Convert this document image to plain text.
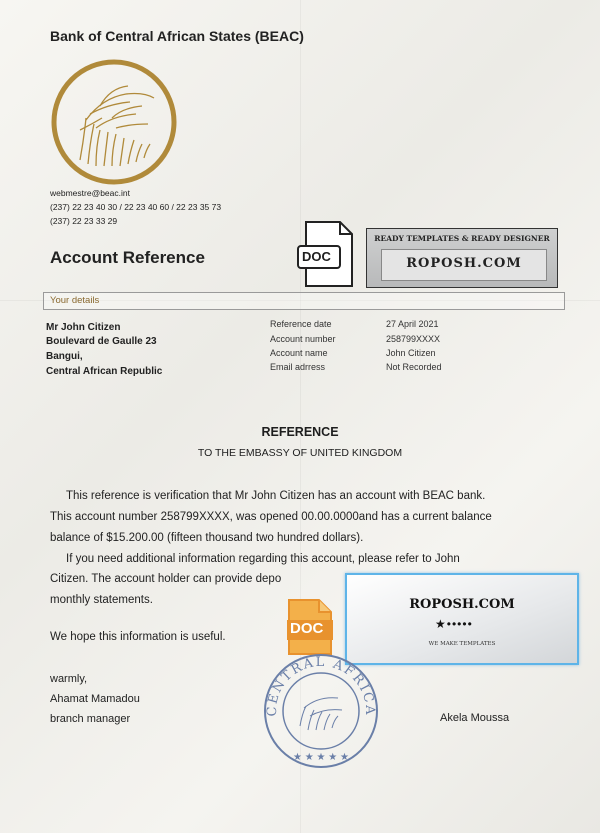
Bank of Central African States (BEAC)
webmestre@beac.int
(237) 22 23 40 30 / 22 23 40 60 / 22 23 35 73
(237) 22 23 33 29
Account Reference	DOC
READY TEMPLATES & READY DESIGNER
ROPOSH.COM
Your details
Mr John Citizen
Boulevard de Gaulle 23
Bangui,
Central African Republic
Reference date	27 April 2021
Account number	258799XXXX
Account name	John Citizen
Email adrress	Not Recorded
REFERENCE
TO THE EMBASSY OF UNITED KINGDOM
This reference is verification that Mr John Citizen has an account with BEAC bank.
This account number 258799XXXX, was opened 00.00.0000and has a current balance
balance of $15.200.00 (fifteen thousand two hundred dollars).
If you need additional information regarding this account, please refer to John
Citizen. The account holder can provide depo
monthly statements.
We hope this information is useful.
warmly,
Ahamat Mamadou
branch manager	Akela Moussa
DOC
ROPOSH.COM
★•••••
WE MAKE TEMPLATES
CENTRAL AFRICA
★ ★ ★ ★ ★
